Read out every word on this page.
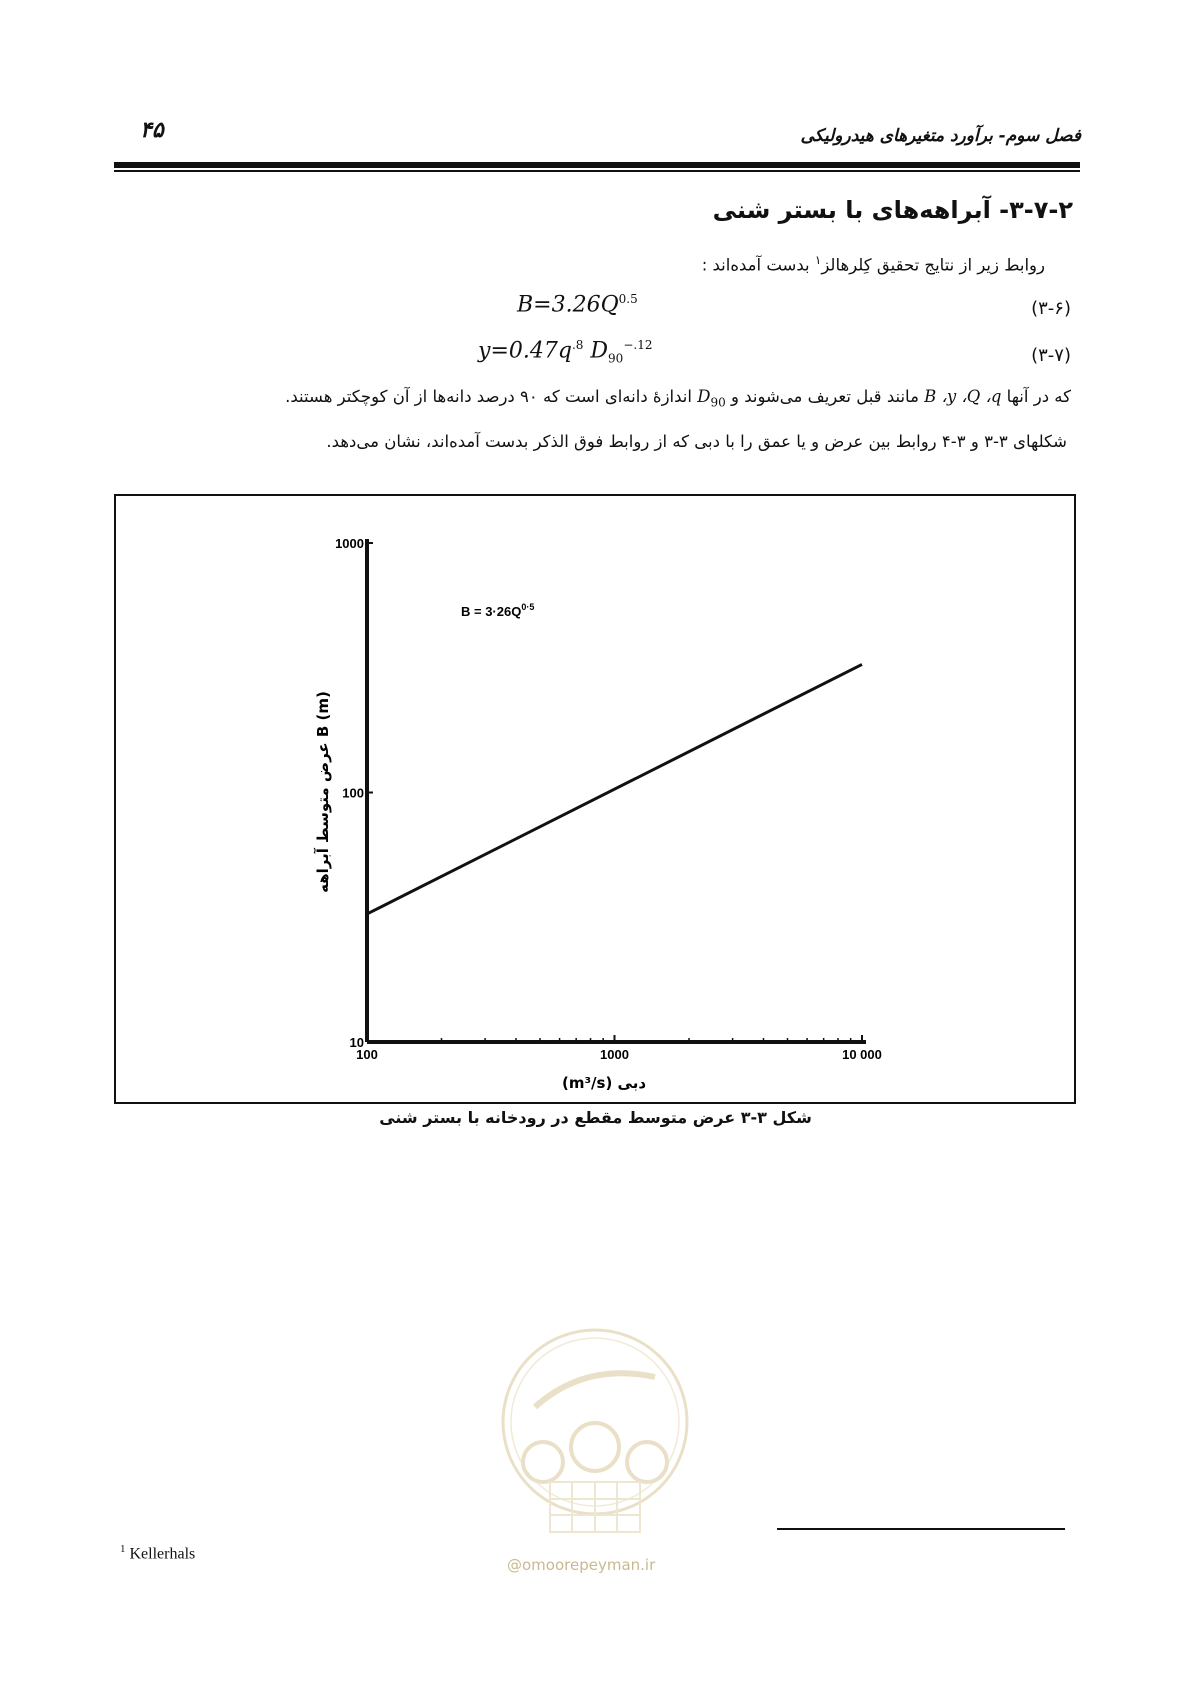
۴۵	فصل سوم- برآورد متغیرهای هیدرولیکی
۳-۷-۲- آبراهه‌های با بستر شنی
روابط زیر از نتایج تحقیق کِلرهالز$^۱$ بدست آمده‌اند :
$B=3.26Q^{0.5}$	(۳-۶)
$y=0.47q^{.8}$ $D_{90}^{-.12}$	(۳-۷)
که در آنها B ،y ،Q ،q مانند قبل تعریف می‌شوند و $D_{90}$ اندازهٔ دانه‌ای است که ۹۰ درصد دانه‌ها از آن کوچکتر هستند.
شکلهای ۳-۳ و ۳-۴ روابط بین عرض و یا عمق را با دبی که از روابط فوق الذکر بدست آمده‌اند، نشان می‌دهد.
100	1000	10 000
10
100
1000
$B = 3\cdot 26Q^{0\cdot 5}$
دبی (m³/s)
(m) B عرض متوسط آبراهه
شکل ۳-۳ عرض متوسط مقطع در رودخانه با بستر شنی
@omoorepeyman.ir
$^1$ Kellerhals
